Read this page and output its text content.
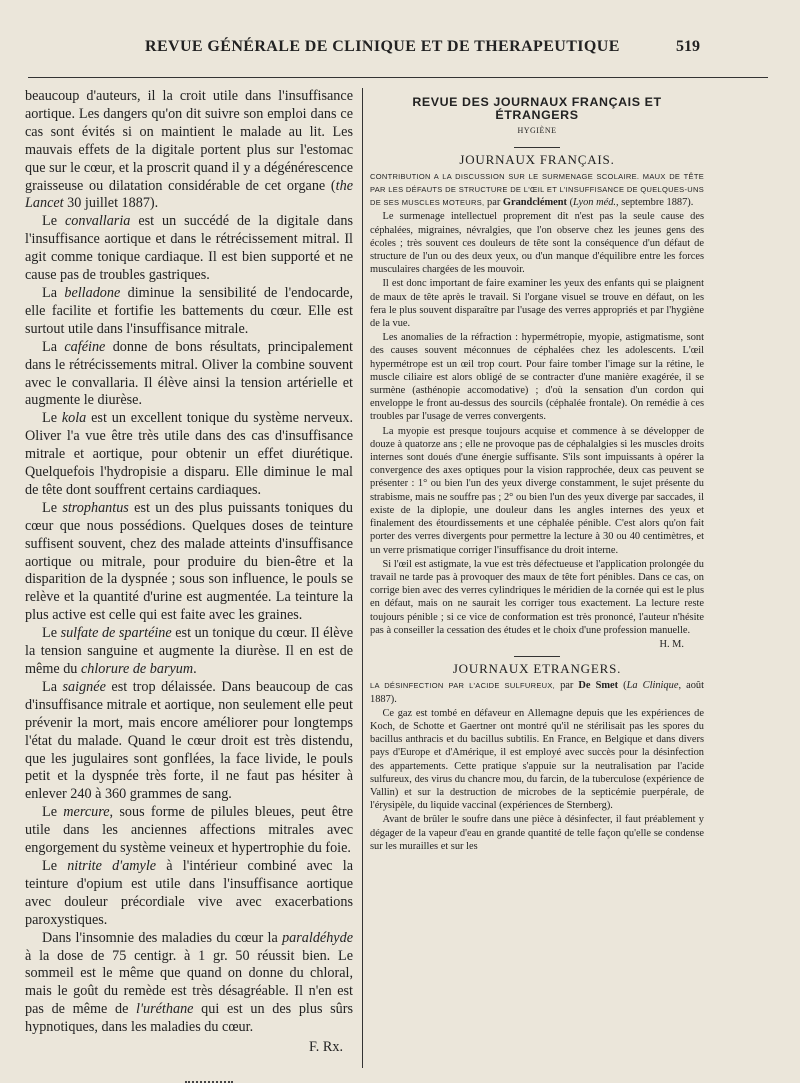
REVUE GÉNÉRALE DE CLINIQUE ET DE THERAPEUTIQUE	519

beaucoup d'auteurs, il la croit utile dans l'insuffisance aortique. Les dangers qu'on dit suivre son emploi dans ce cas sont évités si on maintient le malade au lit. Les mauvais effets de la digitale portent plus sur l'estomac que sur le cœur, et la proscrit quand il y a dégénérescence graisseuse ou dilatation considérable de cet organe (the Lancet 30 juillet 1887).

Le convallaria est un succédé de la digitale dans l'insuffisance aortique et dans le rétrécissement mitral. Il agit comme tonique cardiaque. Il est bien supporté et ne cause pas de troubles gastriques.

La belladone diminue la sensibilité de l'endocarde, elle facilite et fortifie les battements du cœur. Elle est surtout utile dans l'insuffisance mitrale.

La caféine donne de bons résultats, principalement dans le rétrécissements mitral. Oliver la combine souvent avec le convallaria. Il élève ainsi la tension artérielle et augmente le diurèse.

Le kola est un excellent tonique du système nerveux. Oliver l'a vue être très utile dans des cas d'insuffisance mitrale et aortique, pour obtenir un effet diurétique. Quelquefois l'hydropisie a disparu. Elle diminue le mal de tête dont souffrent certains cardiaques.

Le strophantus est un des plus puissants toniques du cœur que nous possédions. Quelques doses de teinture suffisent souvent, chez des malade atteints d'insuffisance aortique ou mitrale, pour produire du bien-être et la disparition de la dyspnée ; sous son influence, le pouls se relève et la quantité d'urine est augmentée. La teinture la plus active est celle qui est faite avec les graines.

Le sulfate de spartéine est un tonique du cœur. Il élève la tension sanguine et augmente la diurèse. Il en est de même du chlorure de baryum.

La saignée est trop délaissée. Dans beaucoup de cas d'insuffisance mitrale et aortique, non seulement elle peut prévenir la mort, mais encore améliorer pour longtemps l'état du malade. Quand le cœur droit est très distendu, que les jugulaires sont gonflées, la face livide, le pouls petit et la dyspnée très forte, il ne faut pas hésiter à enlever 240 à 360 grammes de sang.

Le mercure, sous forme de pilules bleues, peut être utile dans les anciennes affections mitrales avec engorgement du système veineux et hypertrophie du foie.

Le nitrite d'amyle à l'intérieur combiné avec la teinture d'opium est utile dans l'insuffisance aortique avec douleur précordiale vive avec exacerbations paroxystiques.

Dans l'insomnie des maladies du cœur la paraldéhyde à la dose de 75 centigr. à 1 gr. 50 réussit bien. Le sommeil est le même que quand on donne du chloral, mais le goût du remède est très désagréable. Il n'en est pas de même de l'uréthane qui est un des plus sûrs hypnotiques, dans les maladies du cœur.

F. Rx.

REVUE DES JOURNAUX FRANÇAIS ET ÉTRANGERS
HYGIÈNE
JOURNAUX FRANÇAIS.

CONTRIBUTION A LA DISCUSSION SUR LE SURMENAGE SCOLAIRE. MAUX DE TÊTE PAR LES DÉFAUTS DE STRUCTURE DE L'ŒIL ET L'INSUFFISANCE DE QUELQUES-UNS DE SES MUSCLES MOTEURS, par Grandclément (Lyon méd., septembre 1887).

Le surmenage intellectuel proprement dit n'est pas la seule cause des céphalées, migraines, névralgies, que l'on observe chez les jeunes gens des écoles ; très souvent ces douleurs de tête sont la conséquence d'un défaut de structure de l'un ou des deux yeux, ou d'un manque d'équilibre entre les forces musculaires chargées de les mouvoir.

Il est donc important de faire examiner les yeux des enfants qui se plaignent de maux de tête après le travail. Si l'organe visuel se trouve en défaut, on les fera le plus souvent disparaître par l'usage des verres appropriés et par l'hygiène de la vue.

Les anomalies de la réfraction : hypermétropie, myopie, astigmatisme, sont des causes souvent méconnues de céphalées chez les adolescents. L'œil hypermétrope est un œil trop court. Pour faire tomber l'image sur la rétine, le muscle ciliaire est alors obligé de se contracter d'une manière exagérée, il se surmène (asthénopie accomodative) ; d'où la sensation d'un cordon qui enveloppe le front au-dessus des sourcils (céphalée frontale). On remédie à ces troubles par l'usage de verres convergents.

La myopie est presque toujours acquise et commence à se développer de douze à quatorze ans ; elle ne provoque pas de céphalalgies si les muscles droits internes sont doués d'une énergie suffisante. S'ils sont impuissants à opérer la convergence des axes optiques pour la vision rapprochée, deux cas peuvent se présenter : 1° ou bien l'un des yeux diverge constamment, le sujet présente du strabisme, mais ne souffre pas ; 2° ou bien l'un des yeux diverge par saccades, il existe de la diplopie, une douleur dans les angles internes des yeux et finalement des étourdissements et une céphalée pénible. C'est alors qu'on fait porter des verres divergents pour permettre la lecture à 30 ou 40 centimètres, et un verre prismatique corriger l'insuffisance du droit interne.

Si l'œil est astigmate, la vue est très défectueuse et l'application prolongée du travail ne tarde pas à provoquer des maux de tête fort pénibles. Dans ce cas, on corrige bien avec des verres cylindriques le méridien de la cornée qui est le plus en défaut, mais on ne saurait les corriger tous exactement. La lecture reste toujours pénible ; si ce vice de conformation est très prononcé, l'auteur n'hésite pas à conseiller la cessation des études et le choix d'une profession manuelle.

H. M.
JOURNAUX ETRANGERS.

LA DÉSINFECTION PAR L'ACIDE SULFUREUX, par De Smet (La Clinique, août 1887).

Ce gaz est tombé en défaveur en Allemagne depuis que les expériences de Koch, de Schotte et Gaertner ont montré qu'il ne stérilisait pas les spores du bacillus anthracis et du bacillus subtilis. En France, en Belgique et dans divers pays d'Europe et d'Amérique, il est employé avec succès pour la désinfection des appartements. Cette pratique s'appuie sur la neutralisation par l'acide sulfureux, des virus du chancre mou, du farcin, de la tuberculose (expérience de Vallin) et sur la destruction de microbes de la septicémie puerpérale, de l'érysipèle, du liquide vaccinal (expériences de Sternberg).

Avant de brûler le soufre dans une pièce à désinfecter, il faut préablement y dégager de la vapeur d'eau en grande quantité de telle façon qu'elle se condense sur les murailles et sur les
